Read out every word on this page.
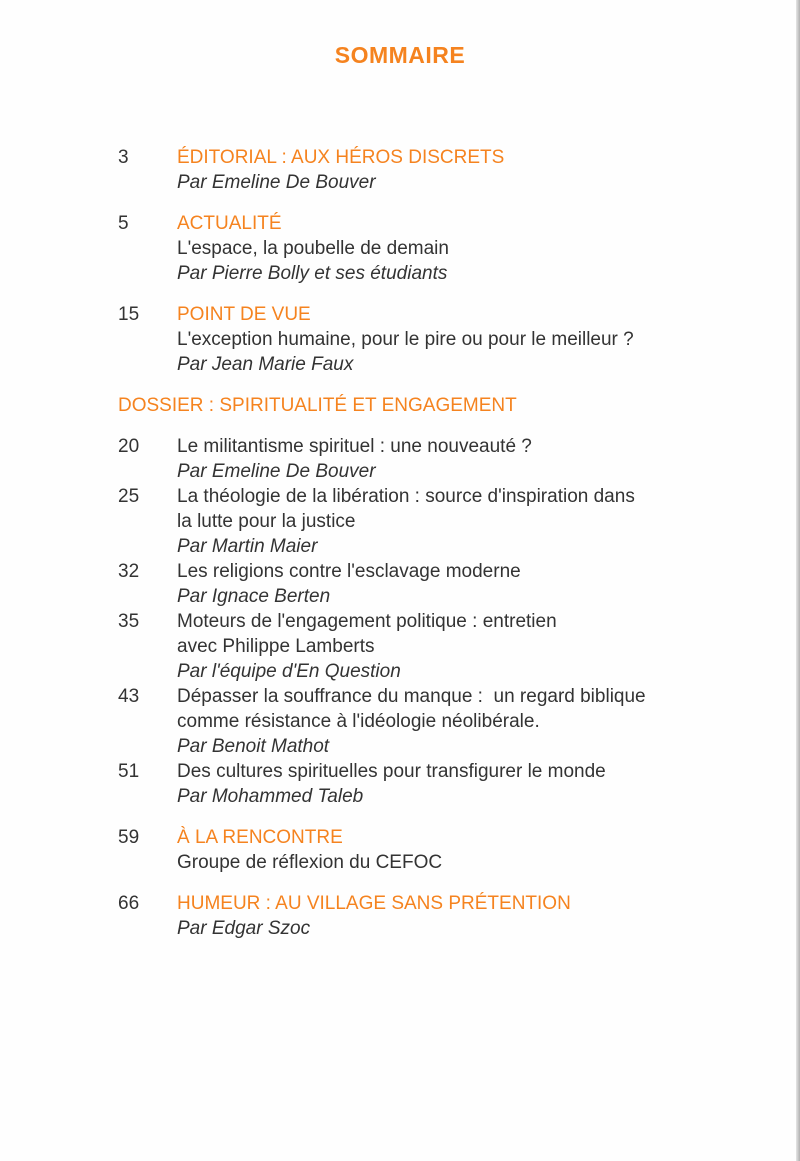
SOMMAIRE
3	ÉDITORIAL : AUX HÉROS DISCRETS
Par Emeline De Bouver
5	ACTUALITÉ
L'espace, la poubelle de demain
Par Pierre Bolly et ses étudiants
15	POINT DE VUE
L'exception humaine, pour le pire ou pour le meilleur ?
Par Jean Marie Faux
DOSSIER : SPIRITUALITÉ ET ENGAGEMENT
20	Le militantisme spirituel : une nouveauté ?
Par Emeline De Bouver
25	La théologie de la libération : source d'inspiration dans
la lutte pour la justice
Par Martin Maier
32	Les religions contre l'esclavage moderne
Par Ignace Berten
35	Moteurs de l'engagement politique : entretien
avec Philippe Lamberts
Par l'équipe d'En Question
43	Dépasser la souffrance du manque :  un regard biblique
comme résistance à l'idéologie néolibérale.
Par Benoit Mathot
51	Des cultures spirituelles pour transfigurer le monde
Par Mohammed Taleb
59	À LA RENCONTRE
Groupe de réflexion du CEFOC
66	HUMEUR : AU VILLAGE SANS PRÉTENTION
Par Edgar Szoc
